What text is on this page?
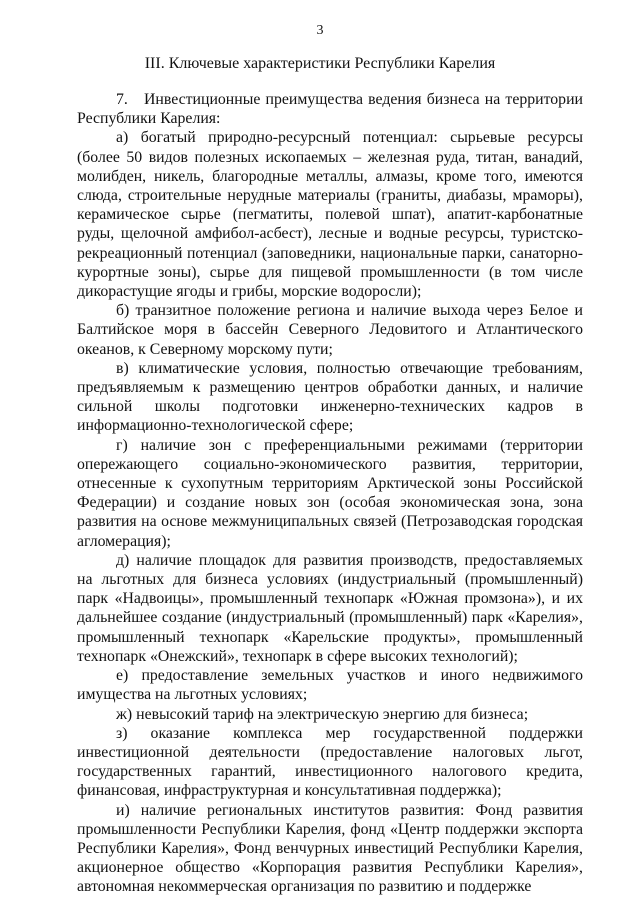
3
III. Ключевые характеристики Республики Карелия

7. Инвестиционные преимущества ведения бизнеса на территории Республики Карелия:

а) богатый природно-ресурсный потенциал: сырьевые ресурсы (более 50 видов полезных ископаемых – железная руда, титан, ванадий, молибден, никель, благородные металлы, алмазы, кроме того, имеются слюда, строительные нерудные материалы (граниты, диабазы, мраморы), керамическое сырье (пегматиты, полевой шпат), апатит-карбонатные руды, щелочной амфибол-асбест), лесные и водные ресурсы, туристско-рекреационный потенциал (заповедники, национальные парки, санаторно-курортные зоны), сырье для пищевой промышленности (в том числе дикорастущие ягоды и грибы, морские водоросли);

б) транзитное положение региона и наличие выхода через Белое и Балтийское моря в бассейн Северного Ледовитого и Атлантического океанов, к Северному морскому пути;

в) климатические условия, полностью отвечающие требованиям, предъявляемым к размещению центров обработки данных, и наличие сильной школы подготовки инженерно-технических кадров в информационно-технологической сфере;

г) наличие зон с преференциальными режимами (территории опережающего социально-экономического развития, территории, отнесенные к сухопутным территориям Арктической зоны Российской Федерации) и создание новых зон (особая экономическая зона, зона развития на основе межмуниципальных связей (Петрозаводская городская агломерация);

д) наличие площадок для развития производств, предоставляемых на льготных для бизнеса условиях (индустриальный (промышленный) парк «Надвоицы», промышленный технопарк «Южная промзона»), и их дальнейшее создание (индустриальный (промышленный) парк «Карелия», промышленный технопарк «Карельские продукты», промышленный технопарк «Онежский», технопарк в сфере высоких технологий);

е) предоставление земельных участков и иного недвижимого имущества на льготных условиях;

ж) невысокий тариф на электрическую энергию для бизнеса;

з) оказание комплекса мер государственной поддержки инвестиционной деятельности (предоставление налоговых льгот, государственных гарантий, инвестиционного налогового кредита, финансовая, инфраструктурная и консультативная поддержка);

и) наличие региональных институтов развития: Фонд развития промышленности Республики Карелия, фонд «Центр поддержки экспорта Республики Карелия», Фонд венчурных инвестиций Республики Карелия, акционерное общество «Корпорация развития Республики Карелия», автономная некоммерческая организация по развитию и поддержке
